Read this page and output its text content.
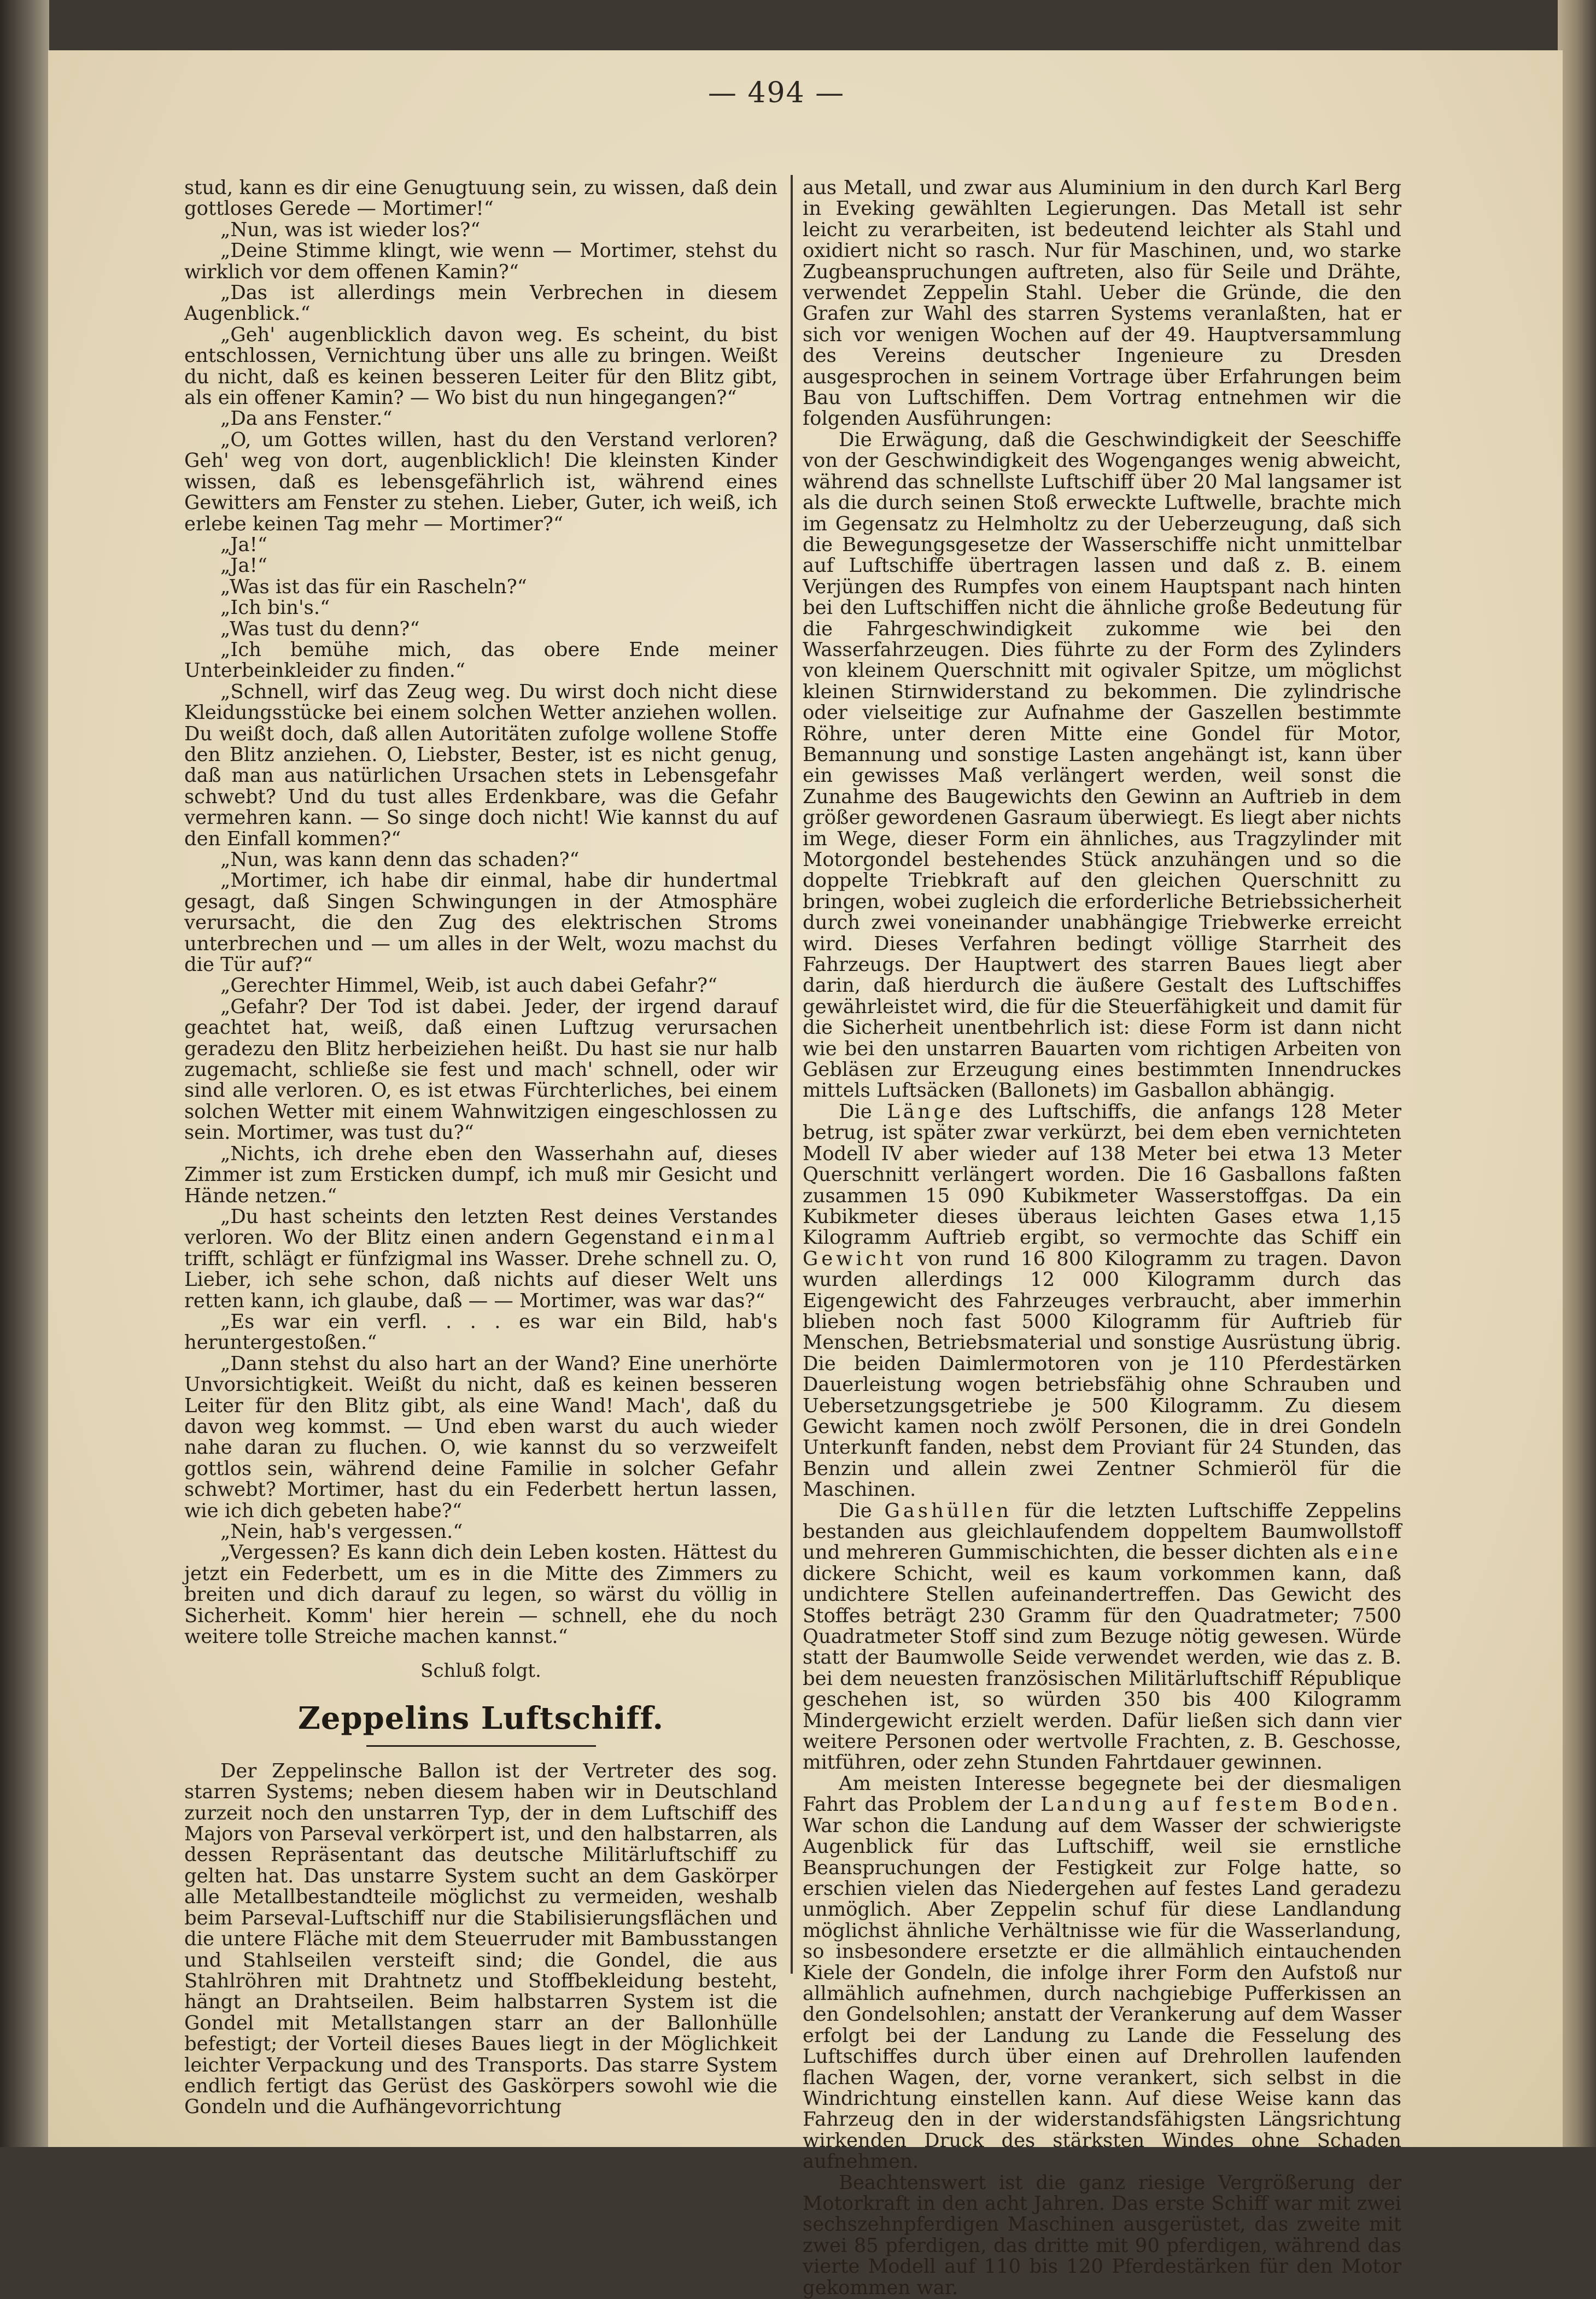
— 494 —

stud, kann es dir eine Genugtuung sein, zu wissen, daß dein gottloses Gerede — Mortimer!“

„Nun, was ist wieder los?“

„Deine Stimme klingt, wie wenn — Mortimer, stehst du wirklich vor dem offenen Kamin?“

„Das ist allerdings mein Verbrechen in diesem Augenblick.“

„Geh' augenblicklich davon weg. Es scheint, du bist entschlossen, Vernichtung über uns alle zu bringen. Weißt du nicht, daß es keinen besseren Leiter für den Blitz gibt, als ein offener Kamin? — Wo bist du nun hingegangen?“

„Da ans Fenster.“

„O, um Gottes willen, hast du den Verstand verloren? Geh' weg von dort, augenblicklich! Die kleinsten Kinder wissen, daß es lebensgefährlich ist, während eines Gewitters am Fenster zu stehen. Lieber, Guter, ich weiß, ich erlebe keinen Tag mehr — Mortimer?“

„Ja!“

„Ja!“

„Was ist das für ein Rascheln?“

„Ich bin's.“

„Was tust du denn?“

„Ich bemühe mich, das obere Ende meiner Unterbeinkleider zu finden.“

„Schnell, wirf das Zeug weg. Du wirst doch nicht diese Kleidungsstücke bei einem solchen Wetter anziehen wollen. Du weißt doch, daß allen Autoritäten zufolge wollene Stoffe den Blitz anziehen. O, Liebster, Bester, ist es nicht genug, daß man aus natürlichen Ursachen stets in Lebensgefahr schwebt? Und du tust alles Erdenkbare, was die Gefahr vermehren kann. — So singe doch nicht! Wie kannst du auf den Einfall kommen?“

„Nun, was kann denn das schaden?“

„Mortimer, ich habe dir einmal, habe dir hundertmal gesagt, daß Singen Schwingungen in der Atmosphäre verursacht, die den Zug des elektrischen Stroms unterbrechen und — um alles in der Welt, wozu machst du die Tür auf?“

„Gerechter Himmel, Weib, ist auch dabei Gefahr?“

„Gefahr? Der Tod ist dabei. Jeder, der irgend darauf geachtet hat, weiß, daß einen Luftzug verursachen geradezu den Blitz herbeiziehen heißt. Du hast sie nur halb zugemacht, schließe sie fest und mach' schnell, oder wir sind alle verloren. O, es ist etwas Fürchterliches, bei einem solchen Wetter mit einem Wahnwitzigen eingeschlossen zu sein. Mortimer, was tust du?“

„Nichts, ich drehe eben den Wasserhahn auf, dieses Zimmer ist zum Ersticken dumpf, ich muß mir Gesicht und Hände netzen.“

„Du hast scheints den letzten Rest deines Verstandes verloren. Wo der Blitz einen andern Gegenstand einmal trifft, schlägt er fünfzigmal ins Wasser. Drehe schnell zu. O, Lieber, ich sehe schon, daß nichts auf dieser Welt uns retten kann, ich glaube, daß — — Mortimer, was war das?“

„Es war ein verfl. . . . es war ein Bild, hab's heruntergestoßen.“

„Dann stehst du also hart an der Wand? Eine unerhörte Unvorsichtigkeit. Weißt du nicht, daß es keinen besseren Leiter für den Blitz gibt, als eine Wand! Mach', daß du davon weg kommst. — Und eben warst du auch wieder nahe daran zu fluchen. O, wie kannst du so verzweifelt gottlos sein, während deine Familie in solcher Gefahr schwebt? Mortimer, hast du ein Federbett hertun lassen, wie ich dich gebeten habe?“

„Nein, hab's vergessen.“

„Vergessen? Es kann dich dein Leben kosten. Hättest du jetzt ein Federbett, um es in die Mitte des Zimmers zu breiten und dich darauf zu legen, so wärst du völlig in Sicherheit. Komm' hier herein — schnell, ehe du noch weitere tolle Streiche machen kannst.“

Schluß folgt.

Zeppelins Luftschiff.

Der Zeppelinsche Ballon ist der Vertreter des sog. starren Systems; neben diesem haben wir in Deutschland zurzeit noch den unstarren Typ, der in dem Luftschiff des Majors von Parseval verkörpert ist, und den halbstarren, als dessen Repräsentant das deutsche Militärluftschiff zu gelten hat. Das unstarre System sucht an dem Gaskörper alle Metallbestandteile möglichst zu vermeiden, weshalb beim Parseval-Luftschiff nur die Stabilisierungsflächen und die untere Fläche mit dem Steuerruder mit Bambusstangen und Stahlseilen versteift sind; die Gondel, die aus Stahlröhren mit Drahtnetz und Stoffbekleidung besteht, hängt an Drahtseilen. Beim halbstarren System ist die Gondel mit Metallstangen starr an der Ballonhülle befestigt; der Vorteil dieses Baues liegt in der Möglichkeit leichter Verpackung und des Transports. Das starre System endlich fertigt das Gerüst des Gaskörpers sowohl wie die Gondeln und die Aufhängevorrichtung

aus Metall, und zwar aus Aluminium in den durch Karl Berg in Eveking gewählten Legierungen. Das Metall ist sehr leicht zu verarbeiten, ist bedeutend leichter als Stahl und oxidiert nicht so rasch. Nur für Maschinen, und, wo starke Zugbeanspruchungen auftreten, also für Seile und Drähte, verwendet Zeppelin Stahl. Ueber die Gründe, die den Grafen zur Wahl des starren Systems veranlaßten, hat er sich vor wenigen Wochen auf der 49. Hauptversammlung des Vereins deutscher Ingenieure zu Dresden ausgesprochen in seinem Vortrage über Erfahrungen beim Bau von Luftschiffen. Dem Vortrag entnehmen wir die folgenden Ausführungen:

Die Erwägung, daß die Geschwindigkeit der Seeschiffe von der Geschwindigkeit des Wogenganges wenig abweicht, während das schnellste Luftschiff über 20 Mal langsamer ist als die durch seinen Stoß erweckte Luftwelle, brachte mich im Gegensatz zu Helmholtz zu der Ueberzeugung, daß sich die Bewegungsgesetze der Wasserschiffe nicht unmittelbar auf Luftschiffe übertragen lassen und daß z. B. einem Verjüngen des Rumpfes von einem Hauptspant nach hinten bei den Luftschiffen nicht die ähnliche große Bedeutung für die Fahrgeschwindigkeit zukomme wie bei den Wasserfahrzeugen. Dies führte zu der Form des Zylinders von kleinem Querschnitt mit ogivaler Spitze, um möglichst kleinen Stirnwiderstand zu bekommen. Die zylindrische oder vielseitige zur Aufnahme der Gaszellen bestimmte Röhre, unter deren Mitte eine Gondel für Motor, Bemannung und sonstige Lasten angehängt ist, kann über ein gewisses Maß verlängert werden, weil sonst die Zunahme des Baugewichts den Gewinn an Auftrieb in dem größer gewordenen Gasraum überwiegt. Es liegt aber nichts im Wege, dieser Form ein ähnliches, aus Tragzylinder mit Motorgondel bestehendes Stück anzuhängen und so die doppelte Triebkraft auf den gleichen Querschnitt zu bringen, wobei zugleich die erforderliche Betriebssicherheit durch zwei voneinander unabhängige Triebwerke erreicht wird. Dieses Verfahren bedingt völlige Starrheit des Fahrzeugs. Der Hauptwert des starren Baues liegt aber darin, daß hierdurch die äußere Gestalt des Luftschiffes gewährleistet wird, die für die Steuerfähigkeit und damit für die Sicherheit unentbehrlich ist: diese Form ist dann nicht wie bei den unstarren Bauarten vom richtigen Arbeiten von Gebläsen zur Erzeugung eines bestimmten Innendruckes mittels Luftsäcken (Ballonets) im Gasballon abhängig.

Die Länge des Luftschiffs, die anfangs 128 Meter betrug, ist später zwar verkürzt, bei dem eben vernichteten Modell IV aber wieder auf 138 Meter bei etwa 13 Meter Querschnitt verlängert worden. Die 16 Gasballons faßten zusammen 15 090 Kubikmeter Wasserstoffgas. Da ein Kubikmeter dieses überaus leichten Gases etwa 1,15 Kilogramm Auftrieb ergibt, so vermochte das Schiff ein Gewicht von rund 16 800 Kilogramm zu tragen. Davon wurden allerdings 12 000 Kilogramm durch das Eigengewicht des Fahrzeuges verbraucht, aber immerhin blieben noch fast 5000 Kilogramm für Auftrieb für Menschen, Betriebsmaterial und sonstige Ausrüstung übrig. Die beiden Daimlermotoren von je 110 Pferdestärken Dauerleistung wogen betriebsfähig ohne Schrauben und Uebersetzungsgetriebe je 500 Kilogramm. Zu diesem Gewicht kamen noch zwölf Personen, die in drei Gondeln Unterkunft fanden, nebst dem Proviant für 24 Stunden, das Benzin und allein zwei Zentner Schmieröl für die Maschinen.

Die Gashüllen für die letzten Luftschiffe Zeppelins bestanden aus gleichlaufendem doppeltem Baumwollstoff und mehreren Gummischichten, die besser dichten als eine dickere Schicht, weil es kaum vorkommen kann, daß undichtere Stellen aufeinandertreffen. Das Gewicht des Stoffes beträgt 230 Gramm für den Quadratmeter; 7500 Quadratmeter Stoff sind zum Bezuge nötig gewesen. Würde statt der Baumwolle Seide verwendet werden, wie das z. B. bei dem neuesten französischen Militärluftschiff République geschehen ist, so würden 350 bis 400 Kilogramm Mindergewicht erzielt werden. Dafür ließen sich dann vier weitere Personen oder wertvolle Frachten, z. B. Geschosse, mitführen, oder zehn Stunden Fahrtdauer gewinnen.

Am meisten Interesse begegnete bei der diesmaligen Fahrt das Problem der Landung auf festem Boden. War schon die Landung auf dem Wasser der schwierigste Augenblick für das Luftschiff, weil sie ernstliche Beanspruchungen der Festigkeit zur Folge hatte, so erschien vielen das Niedergehen auf festes Land geradezu unmöglich. Aber Zeppelin schuf für diese Landlandung möglichst ähnliche Verhältnisse wie für die Wasserlandung, so insbesondere ersetzte er die allmählich eintauchenden Kiele der Gondeln, die infolge ihrer Form den Aufstoß nur allmählich aufnehmen, durch nachgiebige Pufferkissen an den Gondelsohlen; anstatt der Verankerung auf dem Wasser erfolgt bei der Landung zu Lande die Fesselung des Luftschiffes durch über einen auf Drehrollen laufenden flachen Wagen, der, vorne verankert, sich selbst in die Windrichtung einstellen kann. Auf diese Weise kann das Fahrzeug den in der widerstandsfähigsten Längsrichtung wirkenden Druck des stärksten Windes ohne Schaden aufnehmen.

Beachtenswert ist die ganz riesige Vergrößerung der Motorkraft in den acht Jahren. Das erste Schiff war mit zwei sechszehnpferdigen Maschinen ausgerüstet, das zweite mit zwei 85 pferdigen, das dritte mit 90 pferdigen, während das vierte Modell auf 110 bis 120 Pferdestärken für den Motor gekommen war.
